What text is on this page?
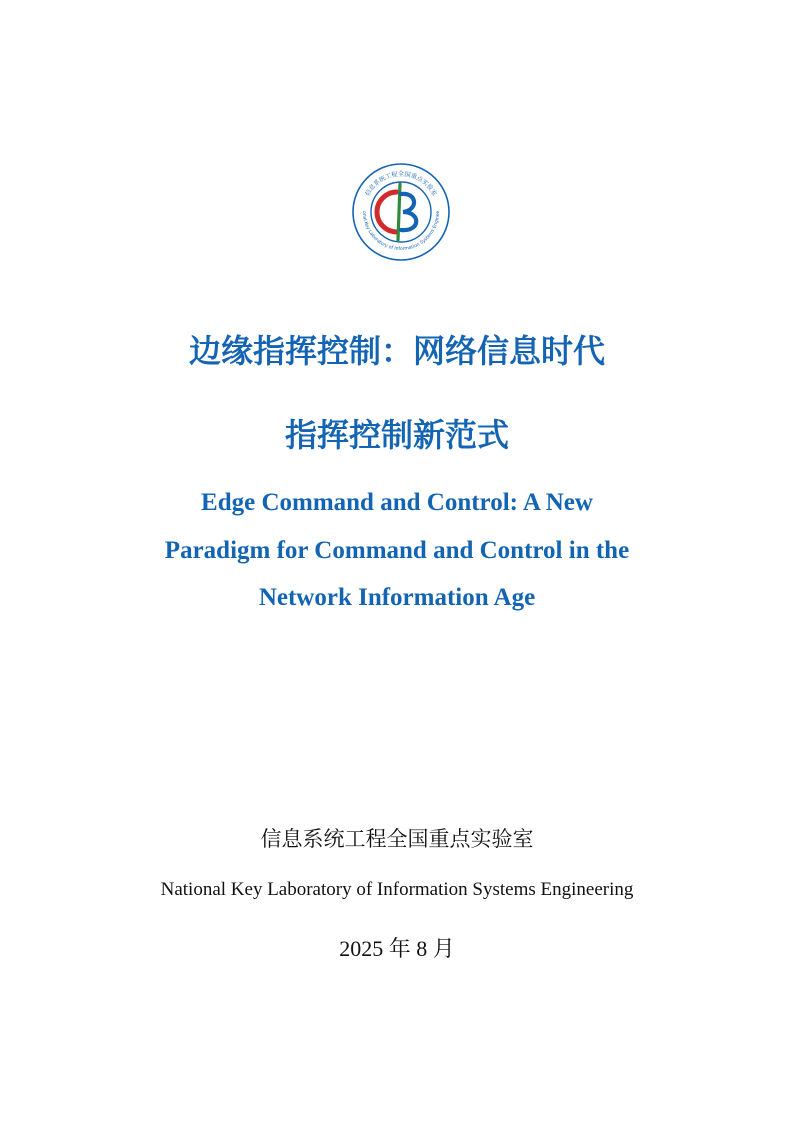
信息系统工程全国重点实验室
onal Key Laboratory of Information Systems Enginee
边缘指挥控制：网络信息时代
指挥控制新范式
Edge Command and Control: A New
Paradigm for Command and Control in the
Network Information Age
信息系统工程全国重点实验室
National Key Laboratory of Information Systems Engineering
2025 年 8 月
